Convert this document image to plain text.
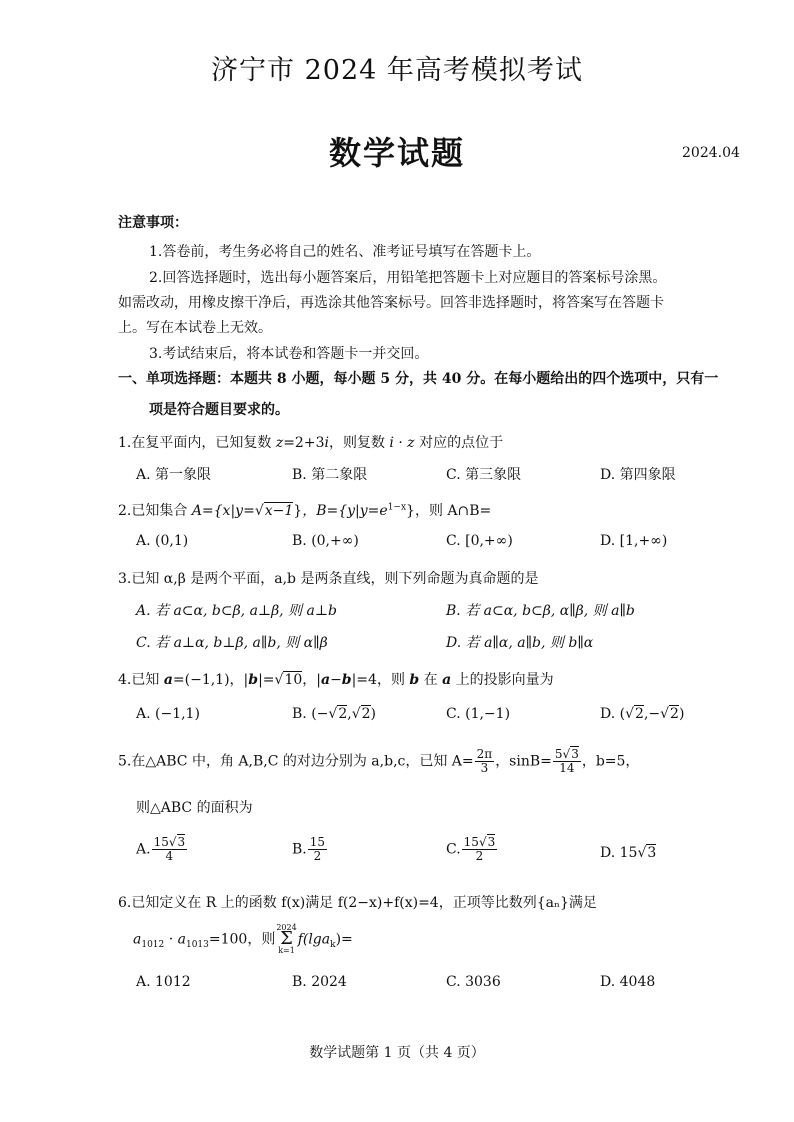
济宁市 2024 年高考模拟考试
数学试题	2024.04
注意事项：
1.答卷前，考生务必将自己的姓名、准考证号填写在答题卡上。
2.回答选择题时，选出每小题答案后，用铅笔把答题卡上对应题目的答案标号涂黑。
如需改动，用橡皮擦干净后，再选涂其他答案标号。回答非选择题时，将答案写在答题卡
上。写在本试卷上无效。
3.考试结束后，将本试卷和答题卡一并交回。
一、单项选择题：本题共 8 小题，每小题 5 分，共 40 分。在每小题给出的四个选项中，只有一
项是符合题目要求的。
1.在复平面内，已知复数 z=2+3i，则复数 i · z 对应的点位于
A. 第一象限	B. 第二象限	C. 第三象限	D. 第四象限
2.已知集合 A={x|y=√x−1}，$B=\{y|y=e^{1-x}\}$，则 A∩B=
A. (0,1)	B. (0,+∞)	C. [0,+∞)	D. [1,+∞)
3.已知 α,β 是两个平面，a,b 是两条直线，则下列命题为真命题的是
A. 若 a⊂α, b⊂β, a⊥β, 则 a⊥b	B. 若 a⊂α, b⊂β, α∥β, 则 a∥b
C. 若 a⊥α, b⊥β, a∥b, 则 α∥β	D. 若 a∥α, a∥b, 则 b∥α
4.已知 a=(−1,1)，|b|=√10，|a−b|=4，则 b 在 a 上的投影向量为
A. (−1,1)	B. (−√2,√2)	C. (1,−1)	D. (√2,−√2)
5.在△ABC 中，角 A,B,C 的对边分别为 a,b,c，已知 $A= \frac{2\pi}{3}$ ，$\sin B= \frac{5√3}{14}$ ，b=5，
则△ABC 的面积为
A. $\frac{15√3}{4}$	B. $\frac{15}{2}$	C. $\frac{15√3}{2}$	D. 15√3
6.已知定义在 R 上的函数 f(x)满足 f(2−x)+f(x)=4，正项等比数列{aₙ}满足
$a_{1012} \cdot a_{1013}=100$，则
2024
Σ
k=1
f(lga$_k$)=
A. 1012	B. 2024	C. 3036	D. 4048
数学试题第 1 页（共 4 页）
